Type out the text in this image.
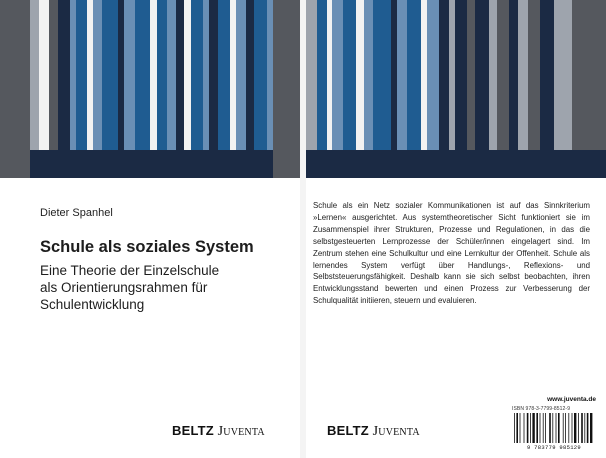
Dieter Spanhel
Schule als soziales System
Eine Theorie der Einzelschule
als Orientierungsrahmen für
Schulentwicklung
BELTZ Juventa
Schule als ein Netz sozialer Kommunikationen ist auf das Sinnkriterium »Lernen« ausgerichtet. Aus systemtheoretischer Sicht funktioniert sie im Zusammenspiel ihrer Strukturen, Prozesse und Regulationen, in das die selbstgesteuerten Lernprozesse der Schüler/innen eingelagert sind. Im Zentrum stehen eine Schulkultur und eine Lernkultur der Offenheit. Schule als lernendes System verfügt über Handlungs-, Reflexions- und Selbststeuerungsfähigkeit. Deshalb kann sie sich selbst beobachten, ihren Entwicklungsstand bewerten und einen Prozess zur Verbesserung der Schulqualität initiieren, steuern und evaluieren.
BELTZ Juventa
www.juventa.de
ISBN 978-3-7799-8512-9
9 783779 985129
